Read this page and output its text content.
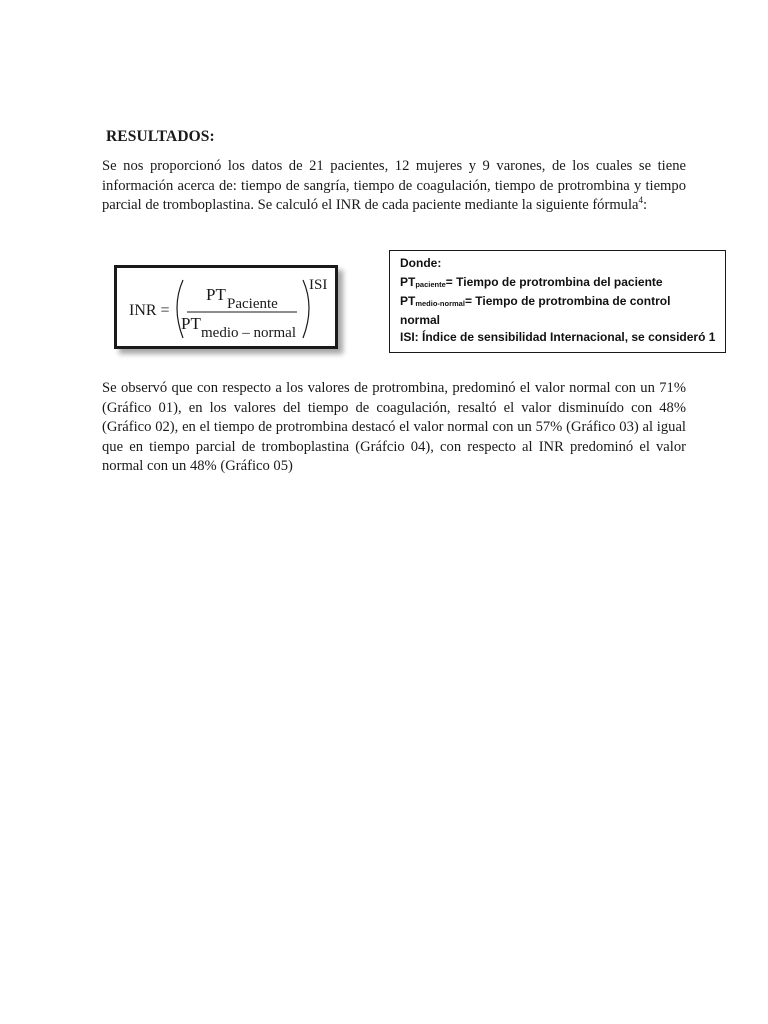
RESULTADOS:

Se nos proporcionó los datos de 21 pacientes, 12 mujeres y 9 varones, de los cuales se tiene información acerca de: tiempo de sangría, tiempo de coagulación, tiempo de protrombina y tiempo parcial de tromboplastina. Se calculó el INR de cada paciente mediante la siguiente fórmula$^4$:

INR =
PT Paciente
PT medio – normal
ISI
Donde:
PTpaciente= Tiempo de protrombina del paciente
PTmedio-normal= Tiempo de protrombina de control
normal
ISI: Índice de sensibilidad Internacional, se consideró 1

Se observó que con respecto a los valores de protrombina, predominó el valor normal con un 71% (Gráfico 01), en los valores del tiempo de coagulación, resaltó el valor disminuído con 48% (Gráfico 02), en el tiempo de protrombina destacó el valor normal con un 57% (Gráfico 03) al igual que en tiempo parcial de tromboplastina (Gráfcio 04), con respecto al INR predominó el valor normal con un 48% (Gráfico 05)
